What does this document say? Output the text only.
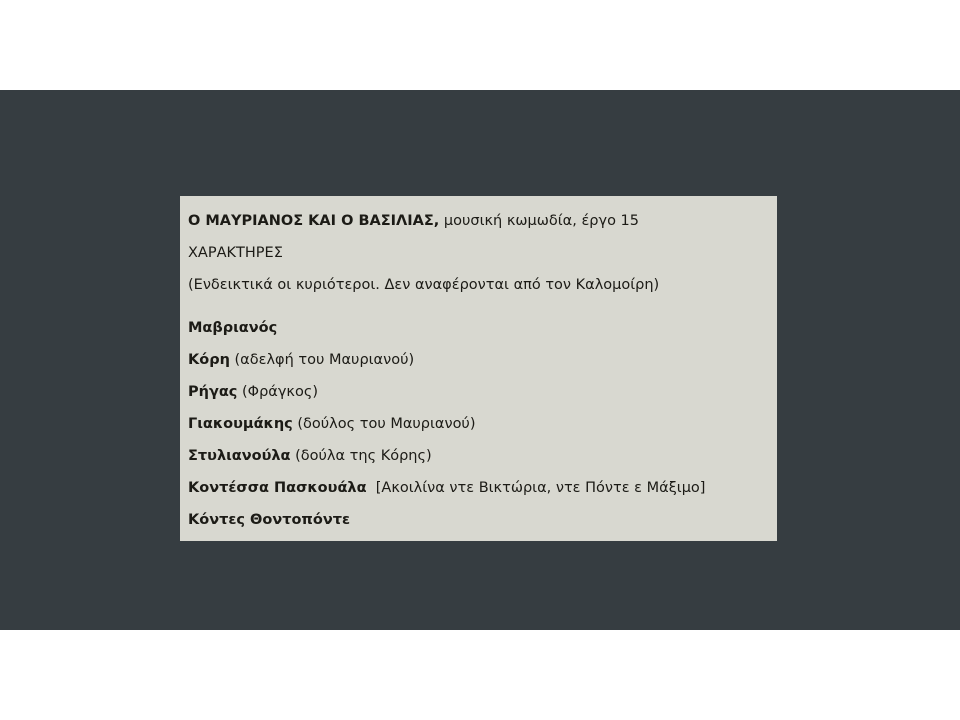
Ο ΜΑΥΡΙΑΝΟΣ ΚΑΙ Ο ΒΑΣΙΛΙΑΣ, μουσική κωμωδία, έργο 15
ΧΑΡΑΚΤΗΡΕΣ
(Ενδεικτικά οι κυριότεροι. Δεν αναφέρονται από τον Καλομοίρη)
Μαβριανός
Κόρη (αδελφή του Μαυριανού)
Ρήγας (Φράγκος)
Γιακουμάκης (δούλος του Μαυριανού)
Στυλιανούλα (δούλα της Κόρης)
Κοντέσσα Πασκουάλα  [Ακοιλίνα ντε Βικτώρια, ντε Πόντε ε Μάξιμο]
Κόντες Θοντοπόντε
